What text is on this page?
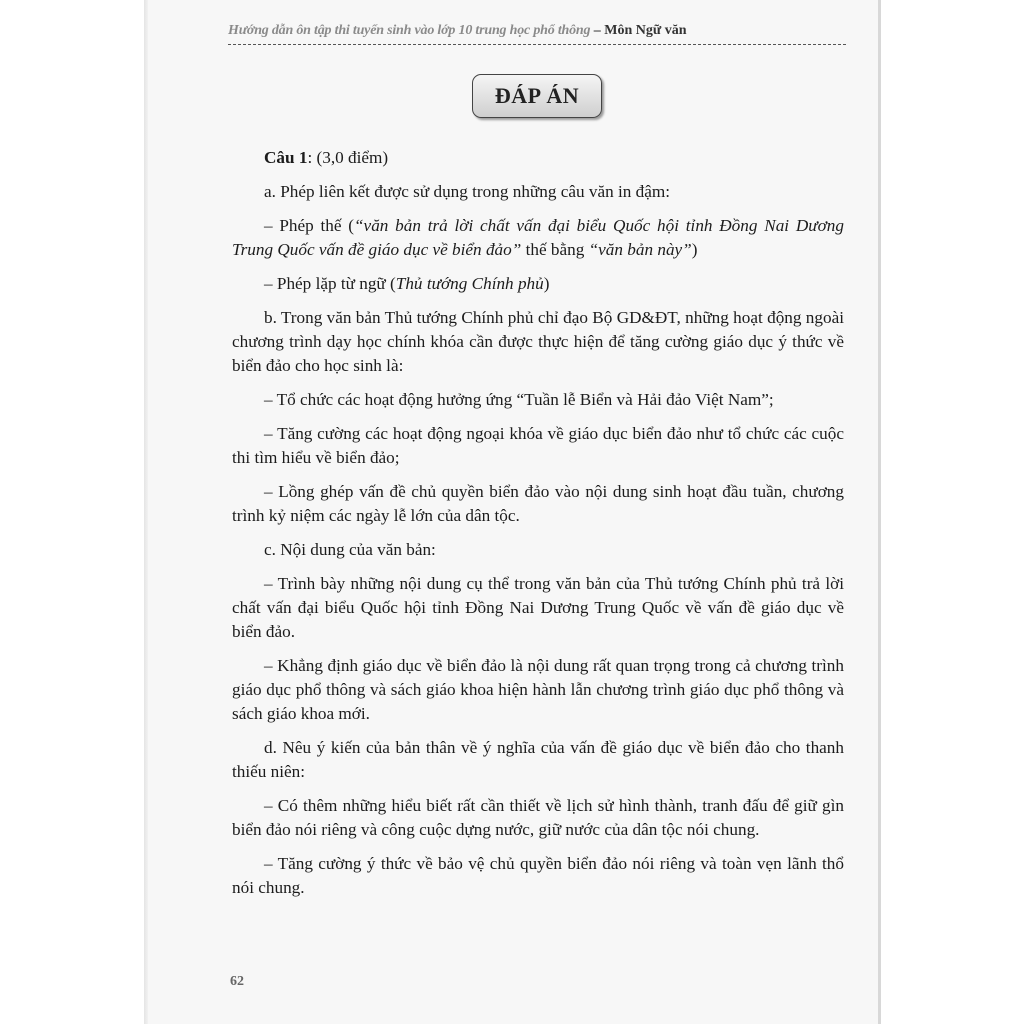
Hướng dẫn ôn tập thi tuyển sinh vào lớp 10 trung học phổ thông – Môn Ngữ văn
ĐÁP ÁN

Câu 1: (3,0 điểm)

a. Phép liên kết được sử dụng trong những câu văn in đậm:

– Phép thế (“văn bản trả lời chất vấn đại biểu Quốc hội tỉnh Đồng Nai Dương Trung Quốc vấn đề giáo dục về biển đảo” thế bằng “văn bản này”)

– Phép lặp từ ngữ (Thủ tướng Chính phủ)

b. Trong văn bản Thủ tướng Chính phủ chỉ đạo Bộ GD&ĐT, những hoạt động ngoài chương trình dạy học chính khóa cần được thực hiện để tăng cường giáo dục ý thức về biển đảo cho học sinh là:

– Tổ chức các hoạt động hưởng ứng “Tuần lễ Biển và Hải đảo Việt Nam”;

– Tăng cường các hoạt động ngoại khóa về giáo dục biển đảo như tổ chức các cuộc thi tìm hiểu về biển đảo;

– Lồng ghép vấn đề chủ quyền biển đảo vào nội dung sinh hoạt đầu tuần, chương trình kỷ niệm các ngày lễ lớn của dân tộc.

c. Nội dung của văn bản:

– Trình bày những nội dung cụ thể trong văn bản của Thủ tướng Chính phủ trả lời chất vấn đại biểu Quốc hội tỉnh Đồng Nai Dương Trung Quốc về vấn đề giáo dục về biển đảo.

– Khẳng định giáo dục về biển đảo là nội dung rất quan trọng trong cả chương trình giáo dục phổ thông và sách giáo khoa hiện hành lẫn chương trình giáo dục phổ thông và sách giáo khoa mới.

d. Nêu ý kiến của bản thân về ý nghĩa của vấn đề giáo dục về biển đảo cho thanh thiếu niên:

– Có thêm những hiểu biết rất cần thiết về lịch sử hình thành, tranh đấu để giữ gìn biển đảo nói riêng và công cuộc dựng nước, giữ nước của dân tộc nói chung.

– Tăng cường ý thức về bảo vệ chủ quyền biển đảo nói riêng và toàn vẹn lãnh thổ nói chung.

62
